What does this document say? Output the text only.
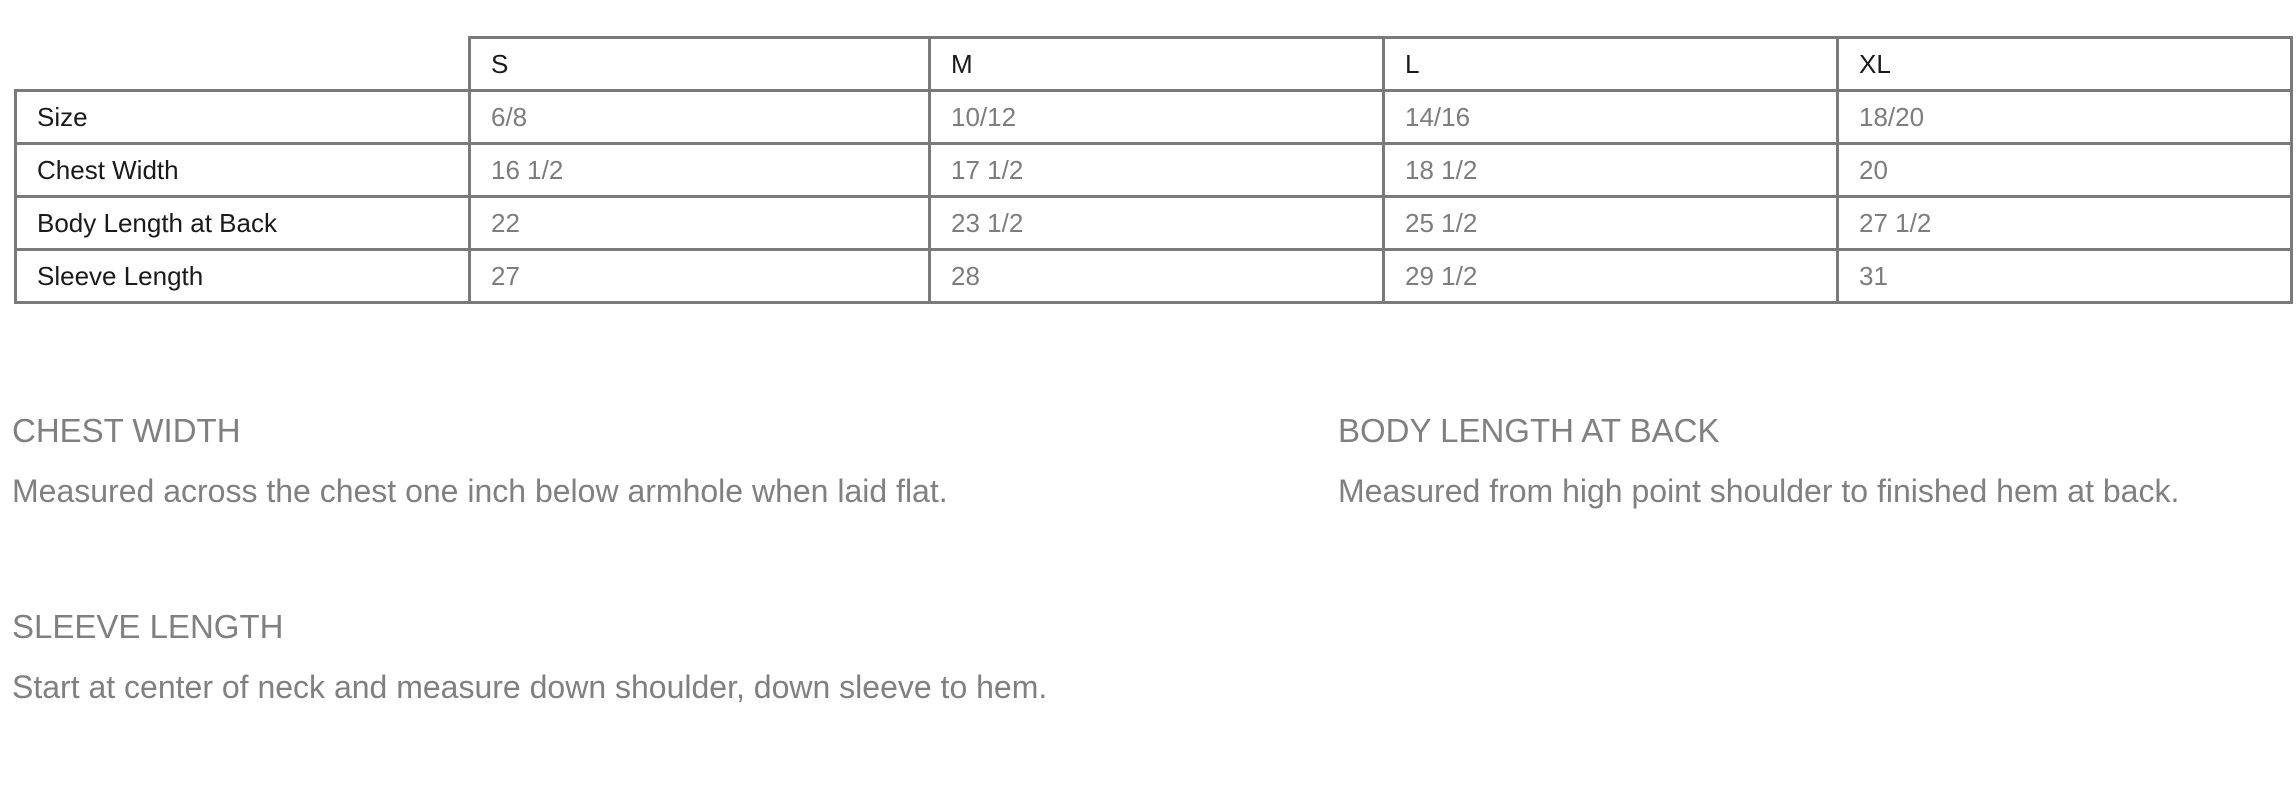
	S	M	L	XL
Size	6/8	10/12	14/16	18/20
Chest Width	16 1/2	17 1/2	18 1/2	20
Body Length at Back	22	23 1/2	25 1/2	27 1/2
Sleeve Length	27	28	29 1/2	31
CHEST WIDTH
Measured across the chest one inch below armhole when laid flat.
BODY LENGTH AT BACK
Measured from high point shoulder to finished hem at back.
SLEEVE LENGTH
Start at center of neck and measure down shoulder, down sleeve to hem.
